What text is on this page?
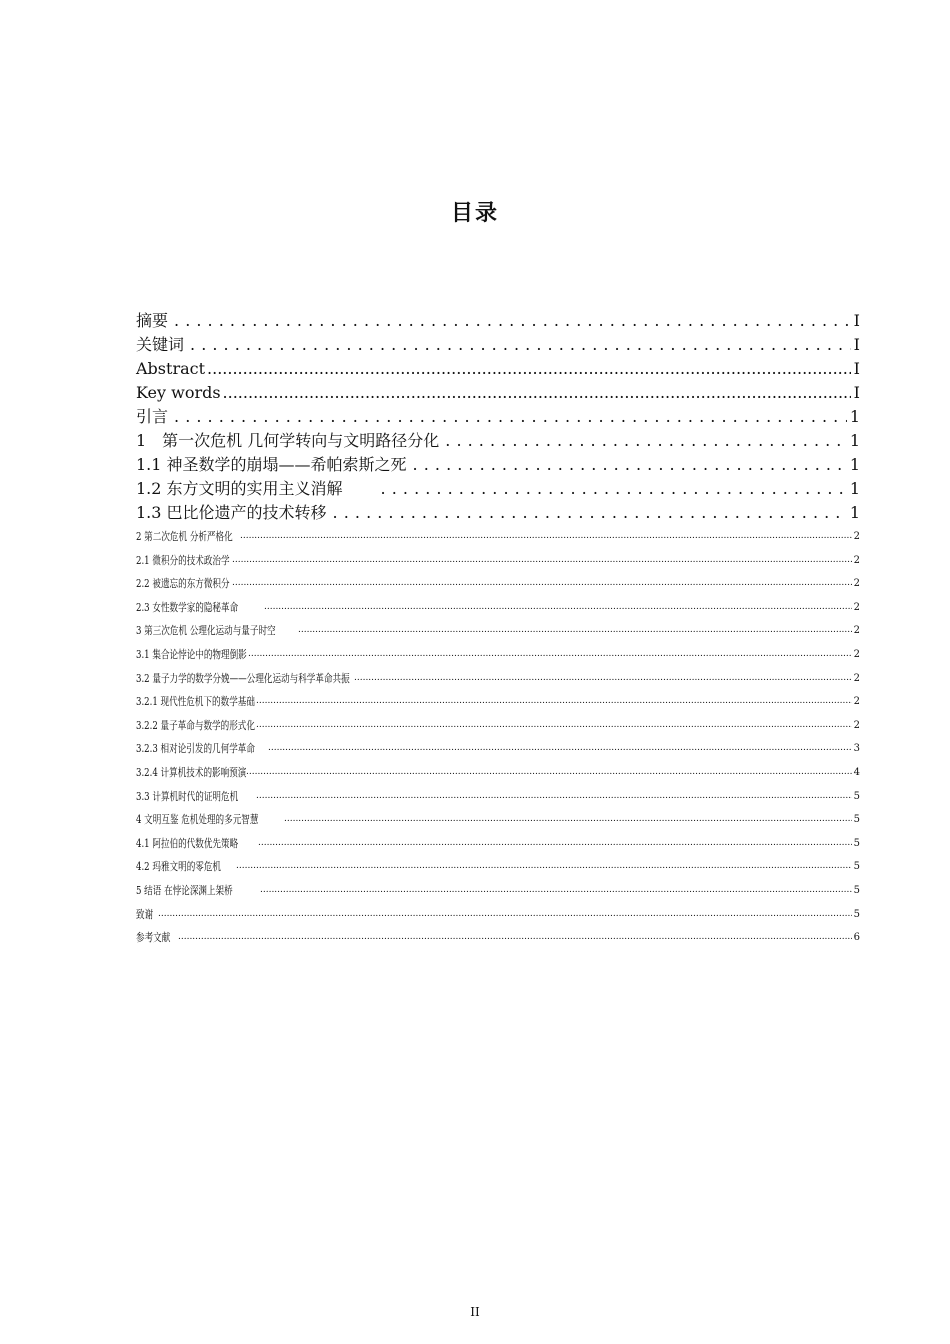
目录
摘要 . . .	I
关键词 . . .	I
Abstract .....	I
Key words .....	I
引言 . . .	1
1　第一次危机 几何学转向与文明路径分化 . . .	1
1.1 神圣数学的崩塌——希帕索斯之死 . . .	1
1.2 东方文明的实用主义消解 . . .	1
1.3 巴比伦遗产的技术转移 . . .	1
2 第二次危机 分析严格化 .....	2
2.1 微积分的技术政治学 .....	2
2.2 被遗忘的东方微积分 .....	2
2.3 女性数学家的隐秘革命 .....	2
3 第三次危机 公理化运动与量子时空 .....	2
3.1 集合论悖论中的物理倒影 .....	2
3.2 量子力学的数学分娩——公理化运动与科学革命共振 .....	2
3.2.1 现代性危机下的数学基础 .....	2
3.2.2 量子革命与数学的形式化 .....	2
3.2.3 相对论引发的几何学革命 .....	3
3.2.4 计算机技术的影响预演 .....	4
3.3 计算机时代的证明危机 .....	5
4 文明互鉴 危机处理的多元智慧 .....	5
4.1 阿拉伯的代数优先策略 .....	5
4.2 玛雅文明的零危机 .....	5
5 结语 在悖论深渊上架桥 .....	5
致谢 .....	5
参考文献 .....	6
II
